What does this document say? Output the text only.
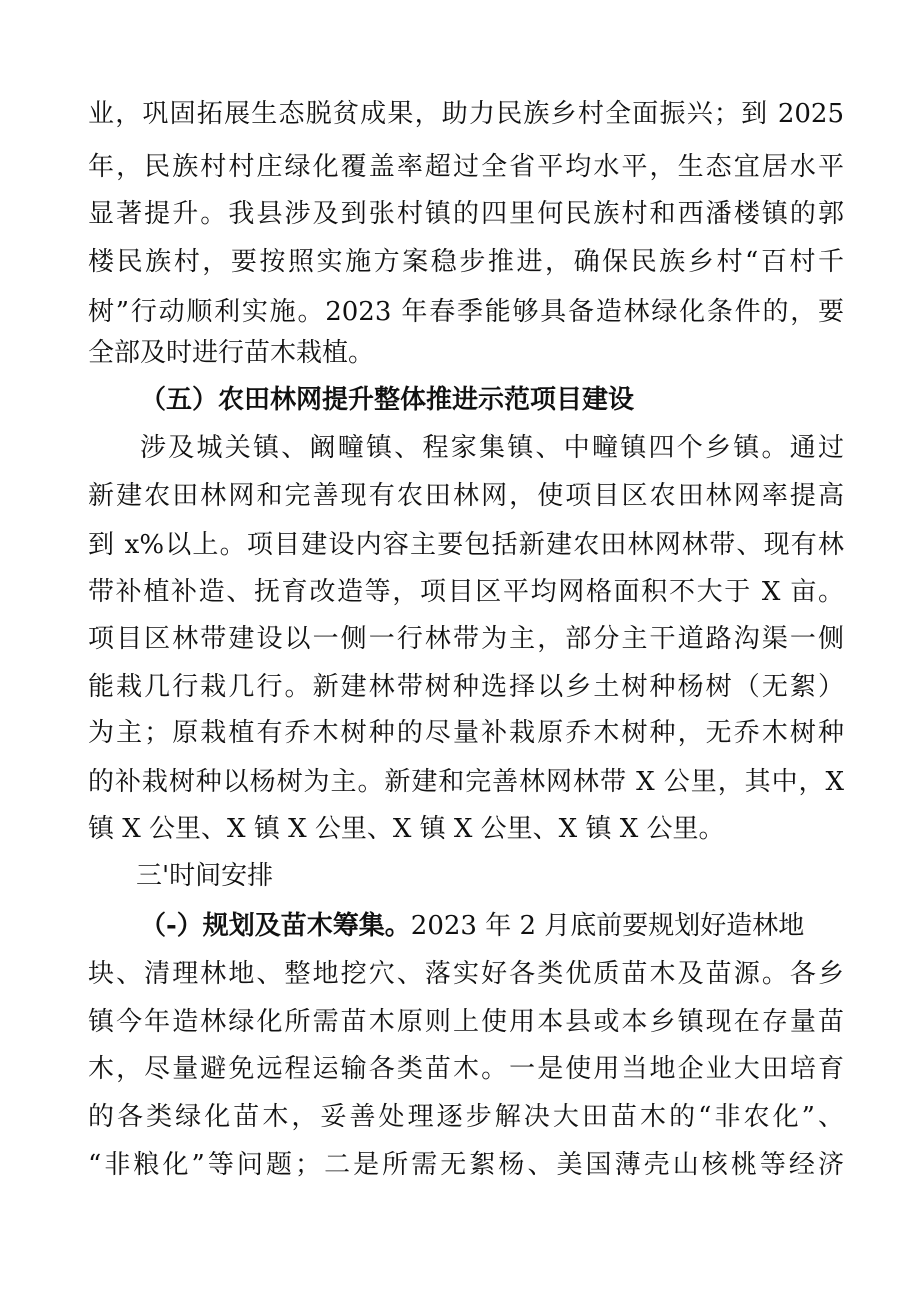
业，巩固拓展生态脱贫成果，助力民族乡村全面振兴；到 2025
年，民族村村庄绿化覆盖率超过全省平均水平，生态宜居水平
显著提升。我县涉及到张村镇的四里何民族村和西潘楼镇的郭
楼民族村，要按照实施方案稳步推进，确保民族乡村“百村千
树”行动顺利实施。2023 年春季能够具备造林绿化条件的，要
全部及时进行苗木栽植。
（五）农田林网提升整体推进示范项目建设
涉及城关镇、阚疃镇、程家集镇、中疃镇四个乡镇。通过
新建农田林网和完善现有农田林网，使项目区农田林网率提高
到 x%以上。项目建设内容主要包括新建农田林网林带、现有林
带补植补造、抚育改造等，项目区平均网格面积不大于 X 亩。
项目区林带建设以一侧一行林带为主，部分主干道路沟渠一侧
能栽几行栽几行。新建林带树种选择以乡土树种杨树（无絮）
为主；原栽植有乔木树种的尽量补栽原乔木树种，无乔木树种
的补栽树种以杨树为主。新建和完善林网林带 X 公里，其中，X
镇 X 公里、X 镇 X 公里、X 镇 X 公里、X 镇 X 公里。
三'时间安排
（-）规划及苗木筹集。2023 年 2 月底前要规划好造林地
块、清理林地、整地挖穴、落实好各类优质苗木及苗源。各乡
镇今年造林绿化所需苗木原则上使用本县或本乡镇现在存量苗
木，尽量避免远程运输各类苗木。一是使用当地企业大田培育
的各类绿化苗木，妥善处理逐步解决大田苗木的“非农化”、
“非粮化”等问题；二是所需无絮杨、美国薄壳山核桃等经济
